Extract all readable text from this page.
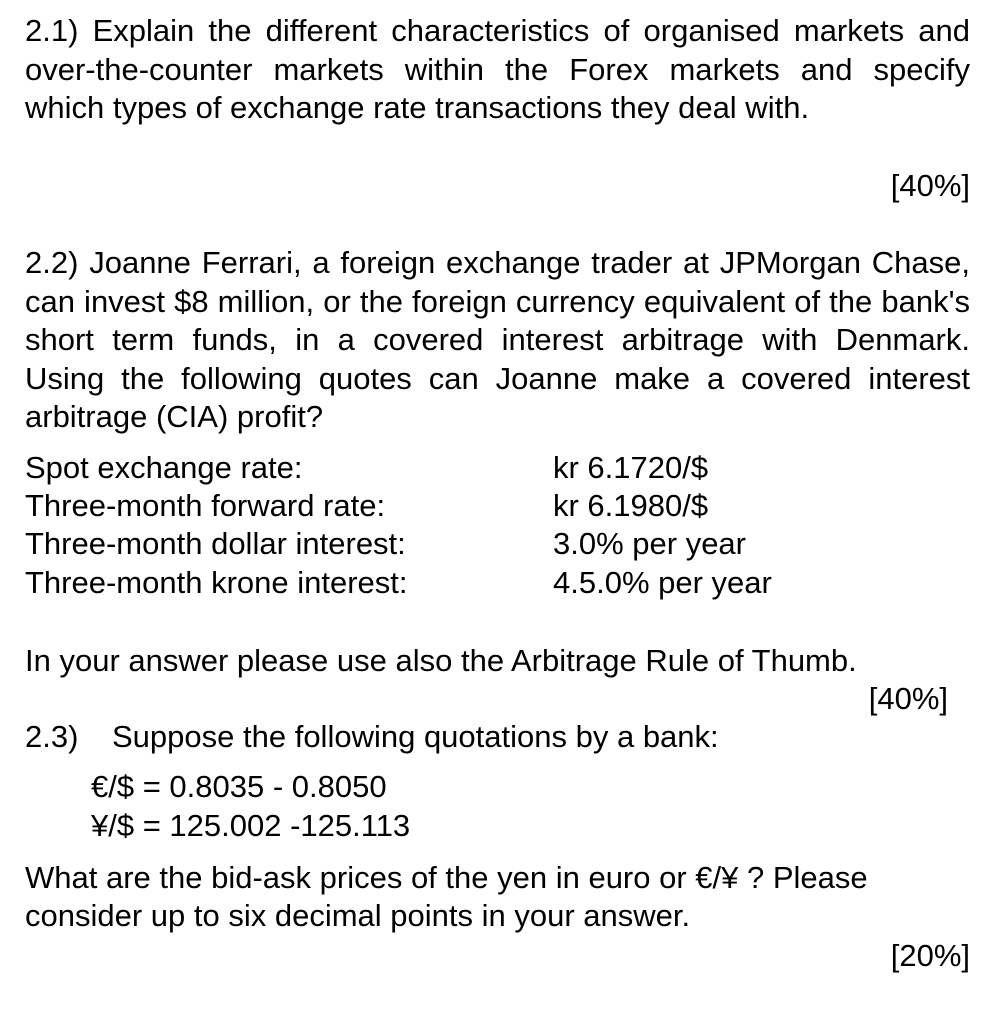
2.1) Explain the different characteristics of organised markets and over-the-counter markets within the Forex markets and specify which types of exchange rate transactions they deal with.
[40%]
2.2) Joanne Ferrari, a foreign exchange trader at JPMorgan Chase, can invest $8 million, or the foreign currency equivalent of the bank's short term funds, in a covered interest arbitrage with Denmark. Using the following quotes can Joanne make a covered interest arbitrage (CIA) profit?
Spot exchange rate:	kr 6.1720/$
Three-month forward rate:	kr 6.1980/$
Three-month dollar interest:	3.0% per year
Three-month krone interest:	4.5.0% per year
In your answer please use also the Arbitrage Rule of Thumb.
[40%]
2.3) Suppose the following quotations by a bank:
€/$ = 0.8035 - 0.8050
¥/$ = 125.002 -125.113
What are the bid-ask prices of the yen in euro or €/¥ ? Please
consider up to six decimal points in your answer.
[20%]
